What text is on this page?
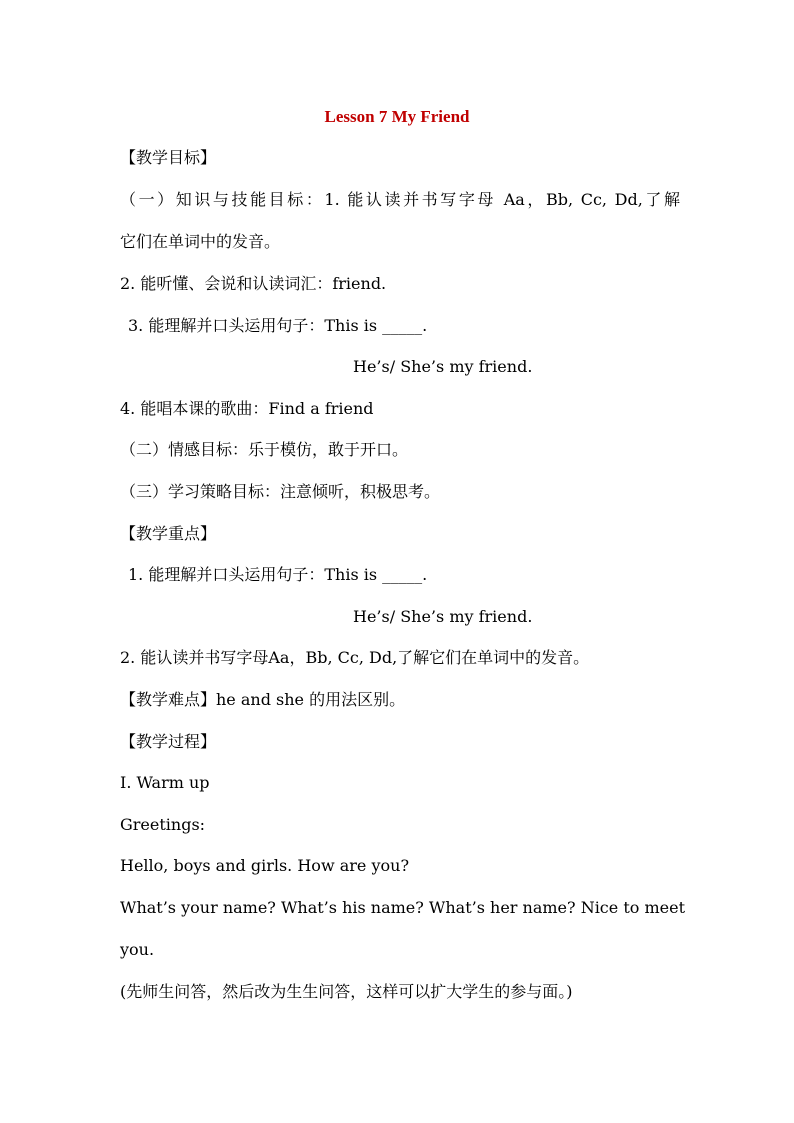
Lesson 7 My Friend
【教学目标】
（一）知识与技能目标：1. 能认读并书写字母 Aa，Bb, Cc, Dd,了解
它们在单词中的发音。
2. 能听懂、会说和认读词汇：friend.
3. 能理解并口头运用句子：This is _____.
He’s/ She’s my friend.
4. 能唱本课的歌曲：Find a friend
（二）情感目标：乐于模仿，敢于开口。
（三）学习策略目标：注意倾听，积极思考。
【教学重点】
1. 能理解并口头运用句子：This is _____.
He’s/ She’s my friend.
2. 能认读并书写字母Aa，Bb, Cc, Dd,了解它们在单词中的发音。
【教学难点】he and she 的用法区别。
【教学过程】
I. Warm up
Greetings:
Hello, boys and girls. How are you?
What’s your name? What’s his name? What’s her name? Nice to meet
you.
(先师生问答，然后改为生生问答，这样可以扩大学生的参与面。)
